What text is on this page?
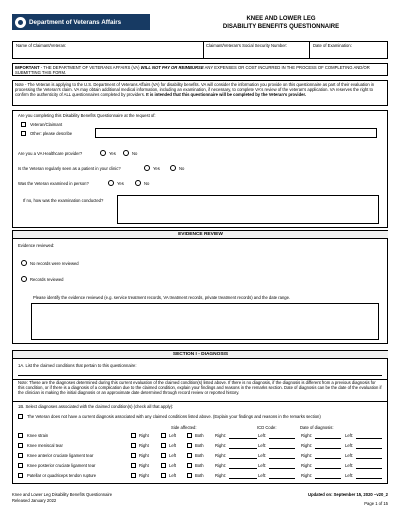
Department of Veterans Affairs	KNEE AND LOWER LEG
DISABILITY BENEFITS QUESTIONNAIRE
Name of Claimant/Veteran:	Claimant/Veteran's Social Security Number:	Date of Examination:
IMPORTANT - THE DEPARTMENT OF VETERANS AFFAIRS (VA) WILL NOT PAY OR REIMBURSE ANY EXPENSES OR COST INCURRED IN THE PROCESS OF COMPLETING AND/OR SUBMITTING THIS FORM.
Note - The Veteran is applying to the U.S. Department of Veterans Affairs (VA) for disability benefits. VA will consider the information you provide on this questionnaire as part of their evaluation in processing the Veteran's claim. VA may obtain additional medical information, including an examination, if necessary, to complete VA's review of the veteran's application. VA reserves the right to confirm the authenticity of ALL questionnaires completed by providers. It is intended that this questionnaire will be completed by the Veteran's provider.
Are you completing this Disability Benefits Questionnaire at the request of:
Veteran/Claimant
Other: please describe
Are you a VA Healthcare provider?	Yes	No
Is the Veteran regularly seen as a patient in your clinic?	Yes	No
Was the Veteran examined in person?	Yes	No
If no, how was the examination conducted?
EVIDENCE REVIEW
Evidence reviewed:
No records were reviewed
Records reviewed
Please identify the evidence reviewed (e.g. service treatment records, VA treatment records, private treatment records) and the date range.
SECTION I - DIAGNOSIS
1A. List the claimed conditions that pertain to this questionnaire:
Note: These are the diagnoses determined during this current evaluation of the claimed condition(s) listed above. If there is no diagnosis, if the diagnosis is different from a previous diagnosis for this condition, or if there is a diagnosis of a complication due to the claimed condition, explain your findings and reasons in the remarks section. Date of diagnosis can be the date of the evaluation if the clinician is making the initial diagnosis or an approximate date determined through record review or reported history.
1B. Select diagnoses associated with the claimed condition(s) (check all that apply):
The Veteran does not have a current diagnosis associated with any claimed conditions listed above. (Explain your findings and reasons in the remarks section)
Side affected:	ICD Code:	Date of diagnosis:
Knee strain	Right	Left	Both	Right:	Left:	Right:	Left:
Knee meniscal tear	Right	Left	Both	Right:	Left:	Right:	Left:
Knee anterior cruciate ligament tear	Right	Left	Both	Right:	Left:	Right:	Left:
Knee posterior cruciate ligament tear	Right	Left	Both	Right:	Left:	Right:	Left:
Patellar or quadriceps tendon rupture	Right	Left	Both	Right:	Left:	Right:	Left:
Knee and Lower Leg Disability Benefits Questionnaire
Released January 2022
Updated on: September 15, 2020 ~v20_2
Page 1 of 15
